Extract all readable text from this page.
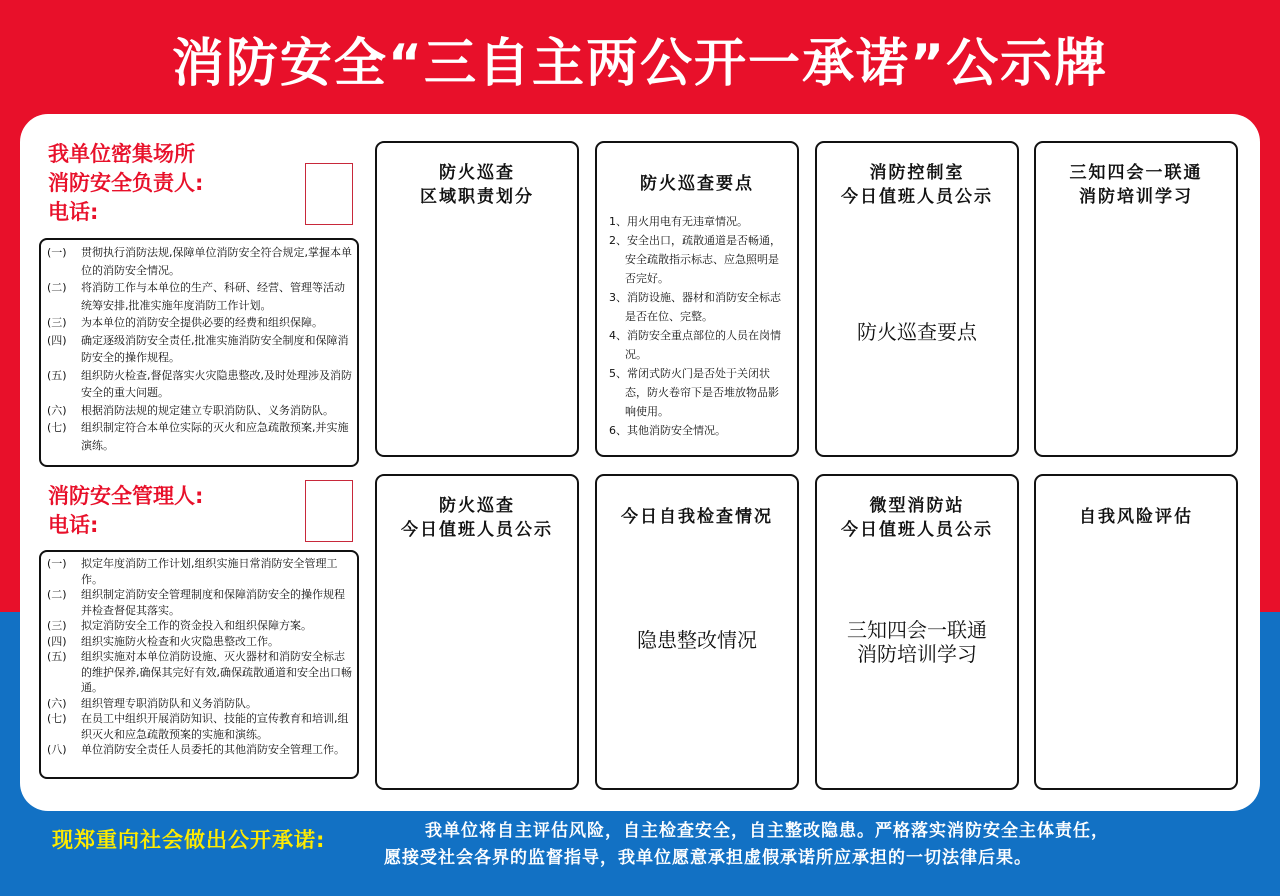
消防安全“三自主两公开一承诺”公示牌
我单位密集场所
消防安全负责人:
电话:
(一)	贯彻执行消防法规,保障单位消防安全符合规定,掌握本单位的消防安全情况。
(二)	将消防工作与本单位的生产、科研、经营、管理等活动统筹安排,批准实施年度消防工作计划。
(三)	为本单位的消防安全提供必要的经费和组织保障。
(四)	确定逐级消防安全责任,批准实施消防安全制度和保障消防安全的操作规程。
(五)	组织防火检查,督促落实火灾隐患整改,及时处理涉及消防安全的重大问题。
(六)	根据消防法规的规定建立专职消防队、义务消防队。
(七)	组织制定符合本单位实际的灭火和应急疏散预案,并实施演练。
消防安全管理人:
电话:
(一)	拟定年度消防工作计划,组织实施日常消防安全管理工作。
(二)	组织制定消防安全管理制度和保障消防安全的操作规程并检查督促其落实。
(三)	拟定消防安全工作的资金投入和组织保障方案。
(四)	组织实施防火检查和火灾隐患整改工作。
(五)	组织实施对本单位消防设施、灭火器材和消防安全标志的维护保养,确保其完好有效,确保疏散通道和安全出口畅通。
(六)	组织管理专职消防队和义务消防队。
(七)	在员工中组织开展消防知识、技能的宣传教育和培训,组织灭火和应急疏散预案的实施和演练。
(八)	单位消防安全责任人员委托的其他消防安全管理工作。
防火巡查
区域职责划分
防火巡查要点
1、用火用电有无违章情况。
2、安全出口，疏散通道是否畅通，安全疏散指示标志、应急照明是否完好。
3、消防设施、器材和消防安全标志是否在位、完整。
4、消防安全重点部位的人员在岗情况。
5、常闭式防火门是否处于关闭状态，防火卷帘下是否堆放物品影响使用。
6、其他消防安全情况。
消防控制室
今日值班人员公示
防火巡查要点
三知四会一联通
消防培训学习
防火巡查
今日值班人员公示
今日自我检查情况
隐患整改情况
微型消防站
今日值班人员公示
三知四会一联通
消防培训学习
自我风险评估
现郑重向社会做出公开承诺:	我单位将自主评估风险，自主检查安全，自主整改隐患。严格落实消防安全主体责任，
愿接受社会各界的监督指导，我单位愿意承担虚假承诺所应承担的一切法律后果。
